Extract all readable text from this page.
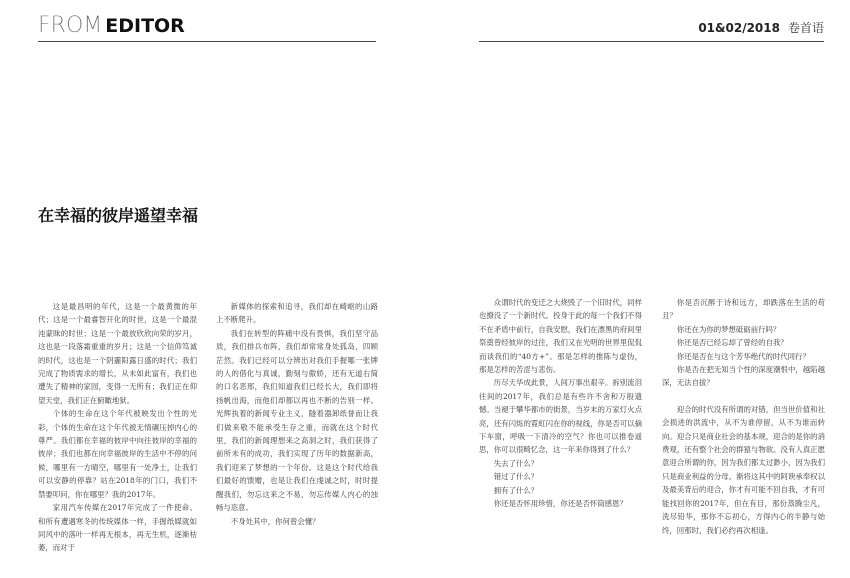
FROM EDITOR
在幸福的彼岸遥望幸福

这是最昌明的年代，这是一个最黄微的年代；这是一个最睿智开化的时世，这是一个最混沌蒙昧的时世；这是一个最放欣欣向荣的岁月，这也是一段落霜重重的岁月；这是一个信仰笃诚的时代，这也是一个阴霾阳露日盛的时代；我们完成了物质需求的增长，从未如此富有，我们也遭失了精神的家园，变得一无所有；我们正在仰望天堂，我们正在俯瞰地狱。

个体的生命在这个年代被映发出个性的光彩，个体的生命在这个年代被无情碾压掉内心的尊严。我们都在幸福的彼岸中向往彼岸的幸福的彼岸；我们也都在向幸福彼岸的生活中不停的问候，哪里有一方晴空，哪里有一处净土，让我们可以安静的停靠？站在2018年的门口，我们不禁要叩问，你在哪里？我的2017年。

家用汽车传媒在2017年完成了一件使命。和所有遭遇寒冬的传统媒体一样，手握纸媒就如同风中的落叶一样再无根本，再无生机，逐渐枯萎，而对于

新媒体的探索和追寻，我们却在崎岖的山路上不断爬升。

我们在转型的阵痛中没有畏惧，我们坚守品质，我们排兵布阵，我们却常常身处孤岛，四顾茫然。我们已经可以分辨出对我们手握哪一张牌的人的借化与真诚，勤刻与傲娇，还有无道右简的口名恶邢，我们知道我们已经长大，我们即将扬帆出海，而他们却都以再也不断的告别一样。光辉执着的新闻专业主义，隧着器卸纸誉而让我们做来敬不能承受生存之重，而就在这个时代里，我们的新闻理想来之高洞之时，我们获得了前所未有的成功，我们实现了历年的数据新高，我们迎来了梦想的一个年份。这是这个时代给我们最好的馈赠，也是让我们在虔诚之时，时时提醒我们，勿忘这来之不易，勿忘传媒人内心的浊畅与恣意。

不身处其中，你何曾会懂？

01&02/2018 卷首语

众谓时代的变迁之大烧毁了一个旧时代，同样也撩没了一个新时代。投身于此的每一个我们不得不在矛盾中前行，自我安慰，我们在漂黑的府间里祭奠曾经彼岸的过往，我们又在光明的世界里侃侃而谈我们的“40方+”。那是怎样的推陈与虚伪，那是怎样的苦涩与悲伤。

历尽天华成此景，人间万事出艰辛。拆别流泪往间的2017年，我们总是有些许不舍和万般遗憾。当褪于攀华都市的街景，当岁末的万家灯火点亮，还有闪烁的霓虹闪在你的视线，你是否可以摘下车窗，呼吸一下清冷的空气？你也可以推卷遥思，你可以很畸忆念，这一年来你得到了什么？

失去了什么？

错过了什么？

拥有了什么？

你还是否怀用珍惜，你还是否怀筒感恩？

你是否沉醉于诗和远方，却跌落在生活的苟且？

你还在为你的梦想砥砺前行吗？

你还是否已经忘却了曾经的自我？

你还是否在与这个芳华绝代的时代同行？

你是否在把无知当个性的深度潮恨中，越陷越深，无法自拔？

迎合的时代没有所谓的对错，但当世价值和社会损进的洪流中，从不为谁停留，从不为谁而转向。迎合只是商业社会的基本规，迎合的是你的消费观，还有整个社会的群猿与物欲。没有人真正愿意迎合所谓的你，因为我们都太过渺小，因为我们只是商业利益的分母。渐将这其中的阿谀承奉权以及最美背后的迎合，你才有可能不回自我，才有可能找回你的2017年，但在有目，那份蒸腾尘凡，洗尽铅华，那你不忘初心，方得内心的半静与始终，回那时，我们必约再次相逢。
